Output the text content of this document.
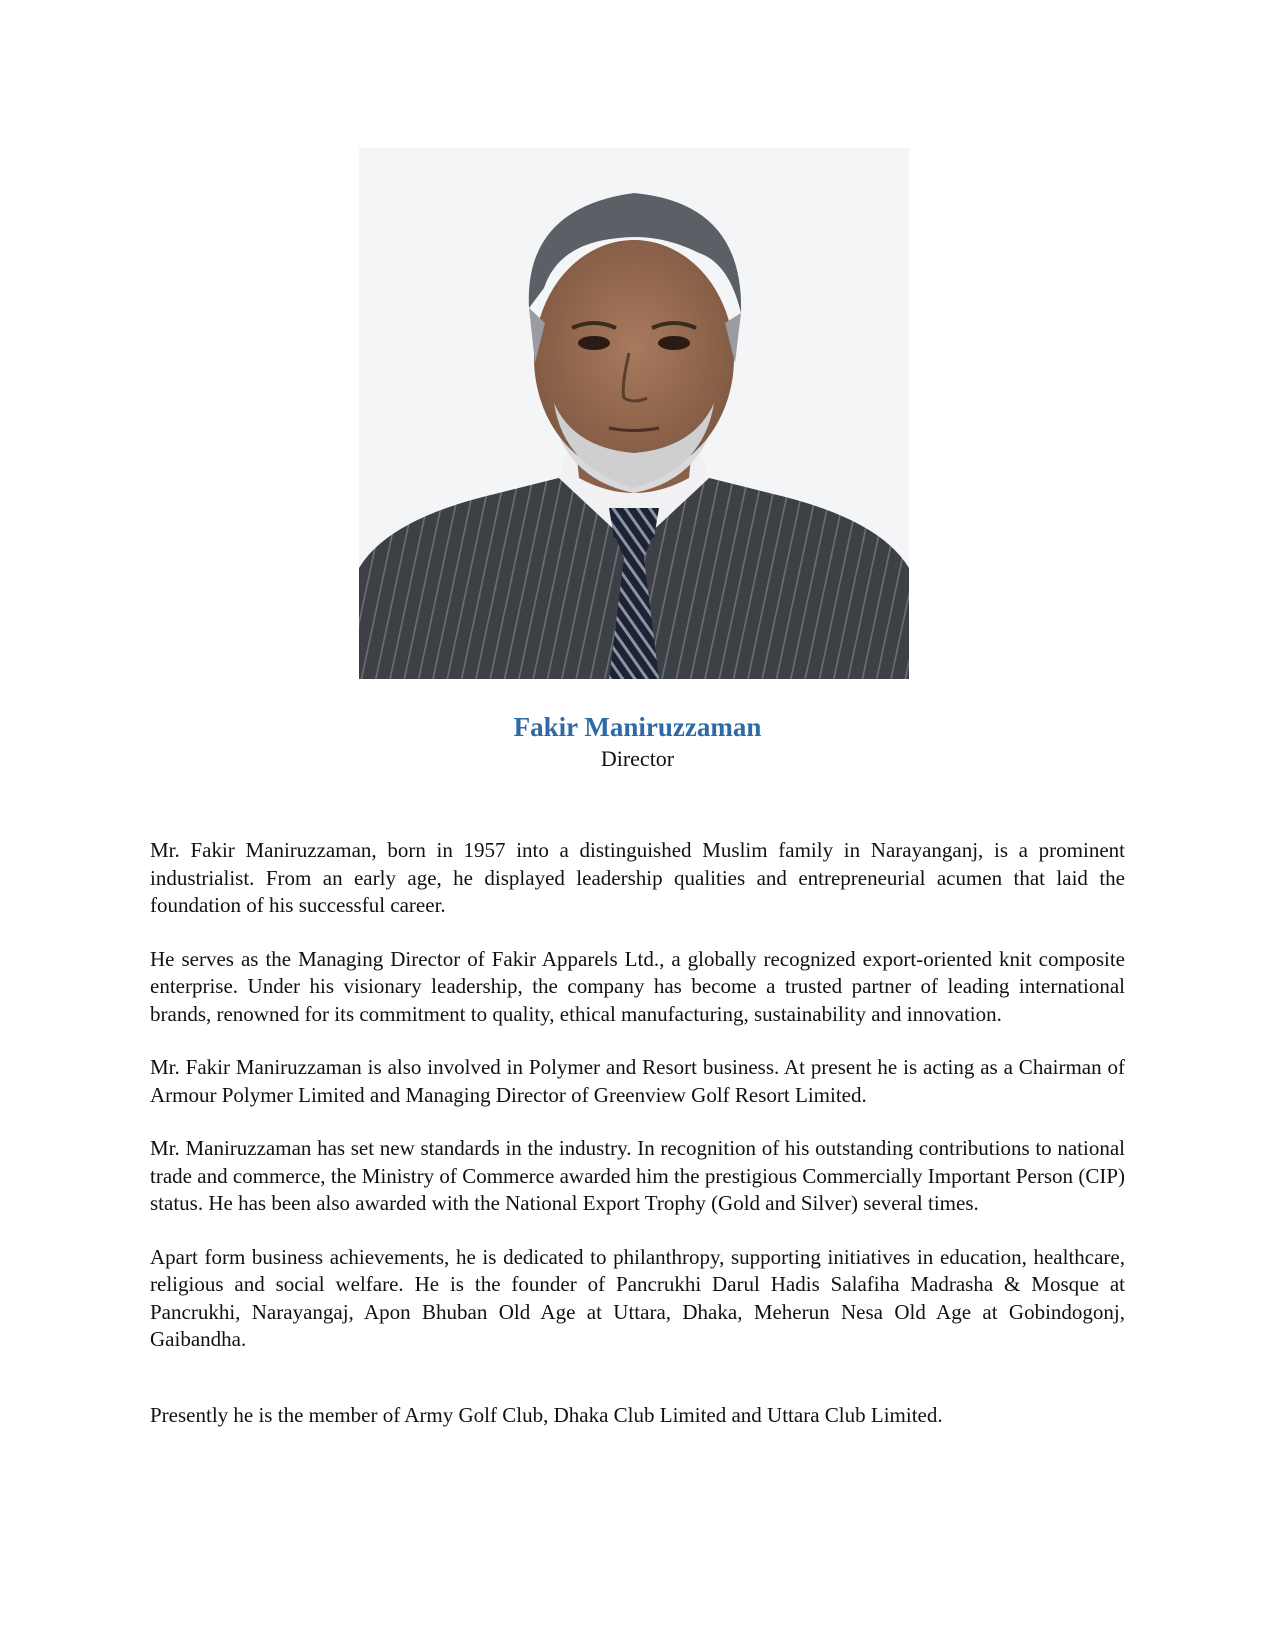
Fakir Maniruzzaman
Director

Mr. Fakir Maniruzzaman, born in 1957 into a distinguished Muslim family in Narayanganj, is a prominent industrialist. From an early age, he displayed leadership qualities and entrepreneurial acumen that laid the foundation of his successful career.

He serves as the Managing Director of Fakir Apparels Ltd., a globally recognized export-oriented knit composite enterprise. Under his visionary leadership, the company has become a trusted partner of leading international brands, renowned for its commitment to quality, ethical manufacturing, sustainability and innovation.

Mr. Fakir Maniruzzaman is also involved in Polymer and Resort business. At present he is acting as a Chairman of Armour Polymer Limited and Managing Director of Greenview Golf Resort Limited.

Mr. Maniruzzaman has set new standards in the industry. In recognition of his outstanding contributions to national trade and commerce, the Ministry of Commerce awarded him the prestigious Commercially Important Person (CIP) status. He has been also awarded with the National Export Trophy (Gold and Silver) several times.

Apart form business achievements, he is dedicated to philanthropy, supporting initiatives in education, healthcare, religious and social welfare. He is the founder of Pancrukhi Darul Hadis Salafiha Madrasha & Mosque at Pancrukhi, Narayangaj, Apon Bhuban Old Age at Uttara, Dhaka, Meherun Nesa Old Age at Gobindogonj, Gaibandha.

Presently he is the member of Army Golf Club, Dhaka Club Limited and Uttara Club Limited.
